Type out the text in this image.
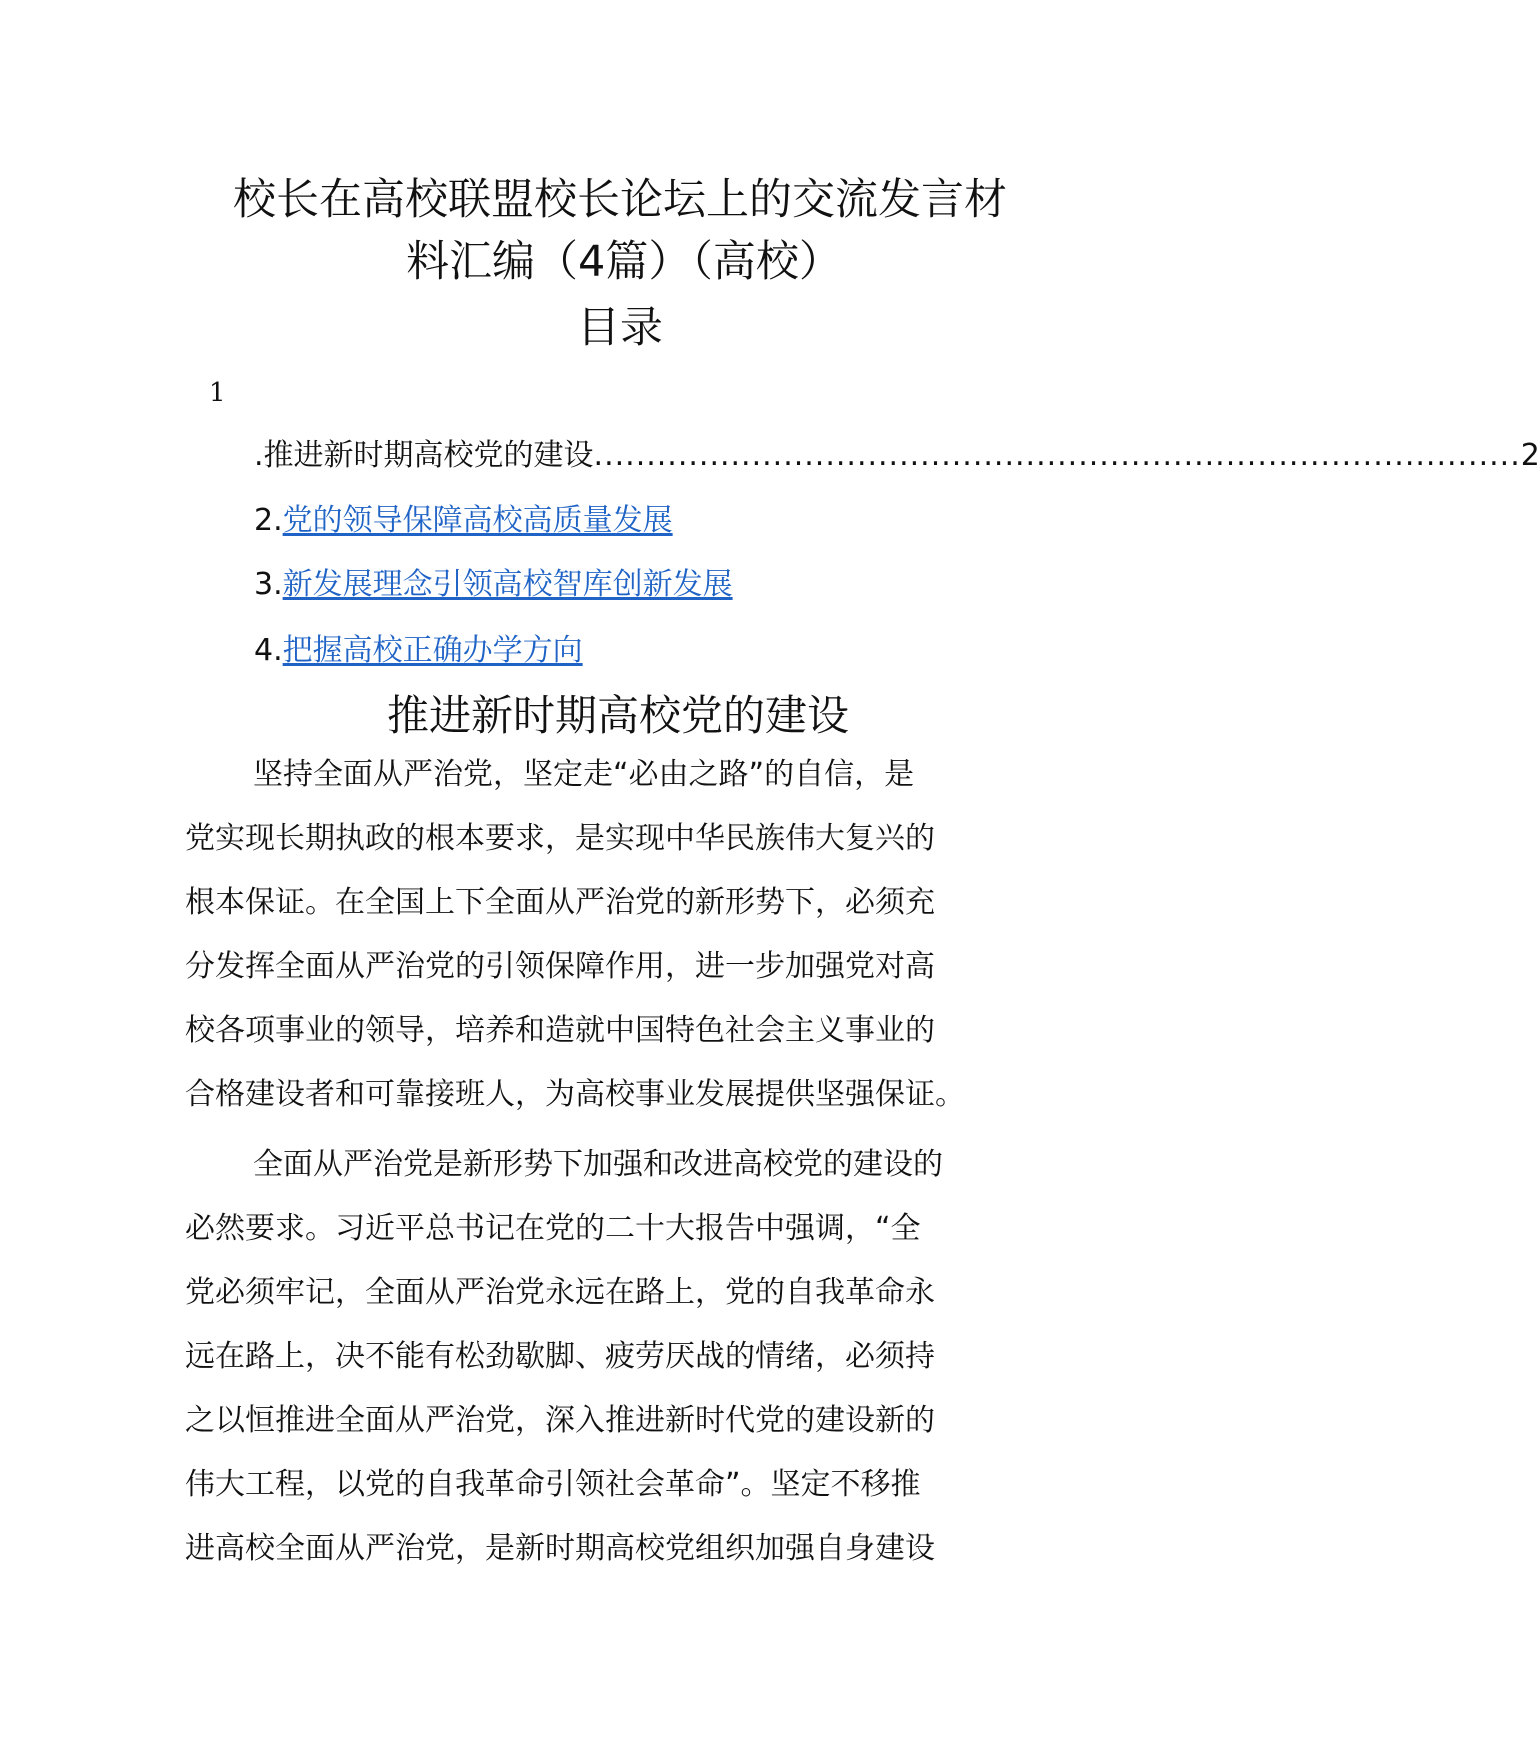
校长在高校联盟校长论坛上的交流发言材
料汇编（4篇）（高校）
目录
1
.推进新时期高校党的建设 ........................................................................................ 2
2.党的领导保障高校高质量发展
3.新发展理念引领高校智库创新发展
4.把握高校正确办学方向
推进新时期高校党的建设
坚持全面从严治党，坚定走“必由之路”的自信，是
党实现长期执政的根本要求，是实现中华民族伟大复兴的
根本保证。在全国上下全面从严治党的新形势下，必须充
分发挥全面从严治党的引领保障作用，进一步加强党对高
校各项事业的领导，培养和造就中国特色社会主义事业的
合格建设者和可靠接班人，为高校事业发展提供坚强保证。
全面从严治党是新形势下加强和改进高校党的建设的
必然要求。习近平总书记在党的二十大报告中强调，“全
党必须牢记，全面从严治党永远在路上，党的自我革命永
远在路上，决不能有松劲歇脚、疲劳厌战的情绪，必须持
之以恒推进全面从严治党，深入推进新时代党的建设新的
伟大工程，以党的自我革命引领社会革命”。坚定不移推
进高校全面从严治党，是新时期高校党组织加强自身建设
